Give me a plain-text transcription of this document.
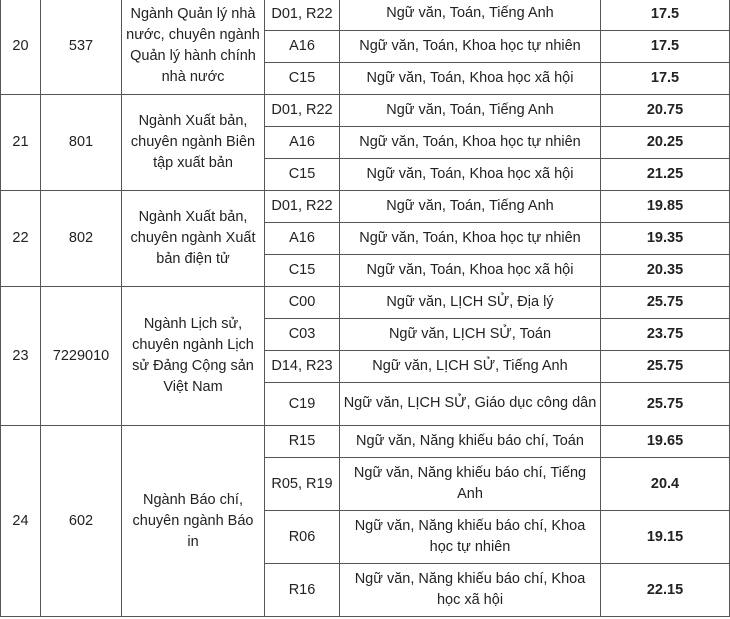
20	537	Ngành Quản lý nhà nước, chuyên ngành Quản lý hành chính nhà nước	D01, R22	Ngữ văn, Toán, Tiếng Anh	17.5
			A16	Ngữ văn, Toán, Khoa học tự nhiên	17.5
			C15	Ngữ văn, Toán, Khoa học xã hội	17.5
21	801	Ngành Xuất bản, chuyên ngành Biên tập xuất bản	D01, R22	Ngữ văn, Toán, Tiếng Anh	20.75
			A16	Ngữ văn, Toán, Khoa học tự nhiên	20.25
			C15	Ngữ văn, Toán, Khoa học xã hội	21.25
22	802	Ngành Xuất bản, chuyên ngành Xuất bản điện tử	D01, R22	Ngữ văn, Toán, Tiếng Anh	19.85
			A16	Ngữ văn, Toán, Khoa học tự nhiên	19.35
			C15	Ngữ văn, Toán, Khoa học xã hội	20.35
23	7229010	Ngành Lịch sử, chuyên ngành Lịch sử Đảng Cộng sản Việt Nam	C00	Ngữ văn, LỊCH SỬ, Địa lý	25.75
			C03	Ngữ văn, LỊCH SỬ, Toán	23.75
			D14, R23	Ngữ văn, LỊCH SỬ, Tiếng Anh	25.75
			C19	Ngữ văn, LỊCH SỬ, Giáo dục công dân	25.75
24	602	Ngành Báo chí, chuyên ngành Báo in	R15	Ngữ văn, Năng khiếu báo chí, Toán	19.65
			R05, R19	Ngữ văn, Năng khiếu báo chí, Tiếng Anh	20.4
			R06	Ngữ văn, Năng khiếu báo chí, Khoa học tự nhiên	19.15
			R16	Ngữ văn, Năng khiếu báo chí, Khoa học xã hội	22.15
